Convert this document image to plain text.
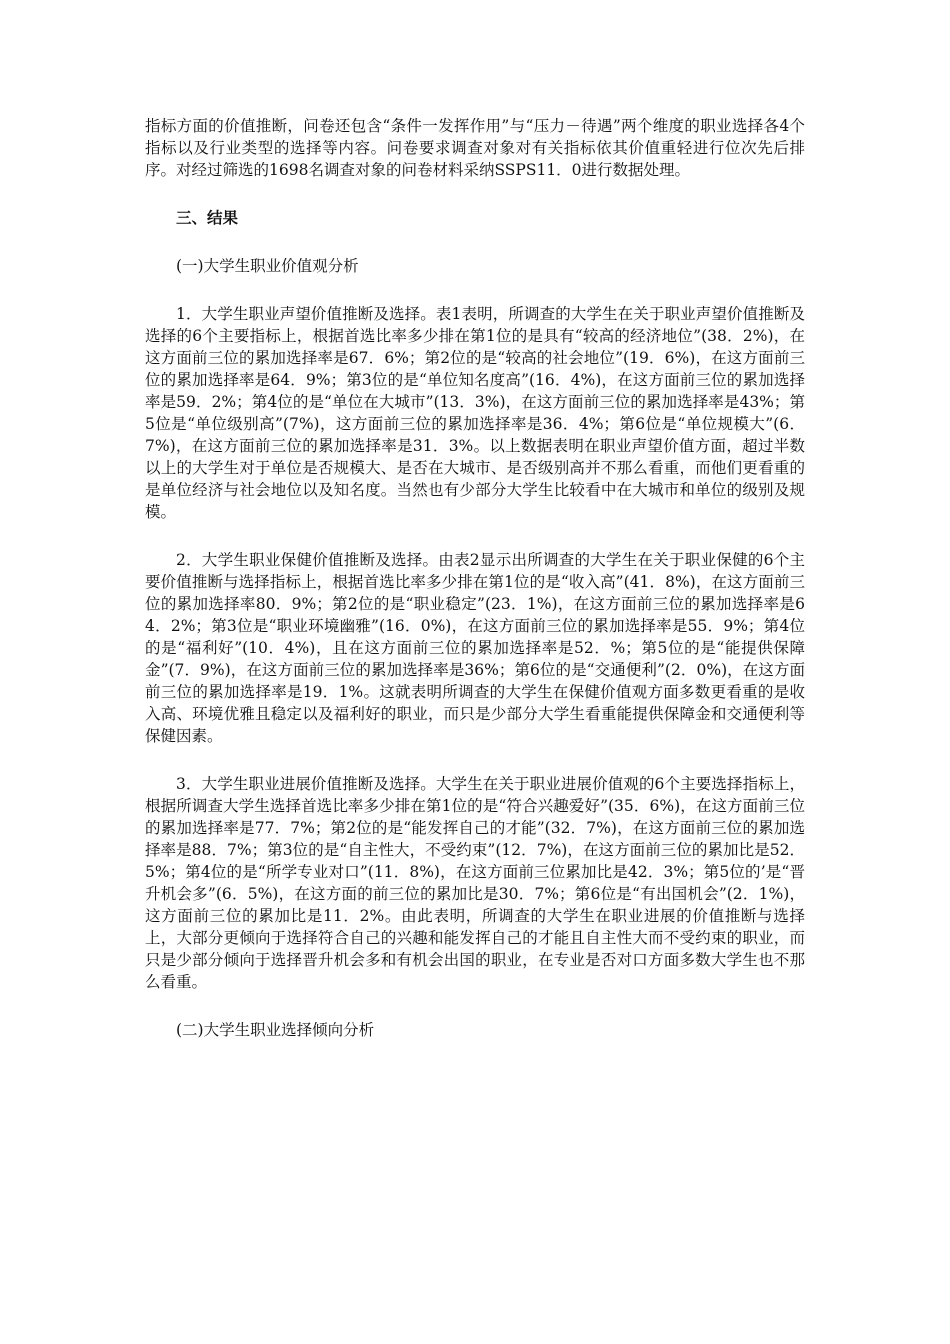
指标方面的价值推断，问卷还包含“条件一发挥作用”与“压力－待遇”两个维度的职业选择各4个指标以及行业类型的选择等内容。问卷要求调查对象对有关指标依其价值重轻进行位次先后排序。对经过筛选的1698名调查对象的问卷材料采纳SSPS11．0进行数据处理。

三、结果

(一)大学生职业价值观分析

1．大学生职业声望价值推断及选择。表1表明，所调查的大学生在关于职业声望价值推断及选择的6个主要指标上，根据首选比率多少排在第1位的是具有“较高的经济地位”(38．2%)，在这方面前三位的累加选择率是67．6%；第2位的是“较高的社会地位”(19．6%)，在这方面前三位的累加选择率是64．9%；第3位的是“单位知名度高”(16．4%)，在这方面前三位的累加选择率是59．2%；第4位的是“单位在大城市”(13．3%)，在这方面前三位的累加选择率是43%；第5位是“单位级别高”(7%)，这方面前三位的累加选择率是36．4%；第6位是“单位规模大”(6．7%)，在这方面前三位的累加选择率是31．3%。以上数据表明在职业声望价值方面，超过半数以上的大学生对于单位是否规模大、是否在大城市、是否级别高并不那么看重，而他们更看重的是单位经济与社会地位以及知名度。当然也有少部分大学生比较看中在大城市和单位的级别及规模。

2．大学生职业保健价值推断及选择。由表2显示出所调查的大学生在关于职业保健的6个主要价值推断与选择指标上，根据首选比率多少排在第1位的是“收入高”(41．8%)，在这方面前三位的累加选择率80．9%；第2位的是“职业稳定”(23．1%)，在这方面前三位的累加选择率是64．2%；第3位是“职业环境幽雅”(16．0%)，在这方面前三位的累加选择率是55．9%；第4位的是“福利好”(10．4%)，且在这方面前三位的累加选择率是52．%；第5位的是“能提供保障金”(7．9%)，在这方面前三位的累加选择率是36%；第6位的是“交通便利”(2．0%)，在这方面前三位的累加选择率是19．1%。这就表明所调查的大学生在保健价值观方面多数更看重的是收入高、环境优雅且稳定以及福利好的职业，而只是少部分大学生看重能提供保障金和交通便利等保健因素。

3．大学生职业进展价值推断及选择。大学生在关于职业进展价值观的6个主要选择指标上，根据所调查大学生选择首选比率多少排在第1位的是“符合兴趣爱好”(35．6%)，在这方面前三位的累加选择率是77．7%；第2位的是“能发挥自己的才能”(32．7%)，在这方面前三位的累加选择率是88．7%；第3位的是“自主性大，不受约束”(12．7%)，在这方面前三位的累加比是52．5%；第4位的是“所学专业对口”(11．8%)，在这方面前三位累加比是42．3%；第5位的’是“晋升机会多”(6．5%)，在这方面的前三位的累加比是30．7%；第6位是“有出国机会”(2．1%)，这方面前三位的累加比是11．2%。由此表明，所调查的大学生在职业进展的价值推断与选择上，大部分更倾向于选择符合自己的兴趣和能发挥自己的才能且自主性大而不受约束的职业，而只是少部分倾向于选择晋升机会多和有机会出国的职业，在专业是否对口方面多数大学生也不那么看重。

(二)大学生职业选择倾向分析
